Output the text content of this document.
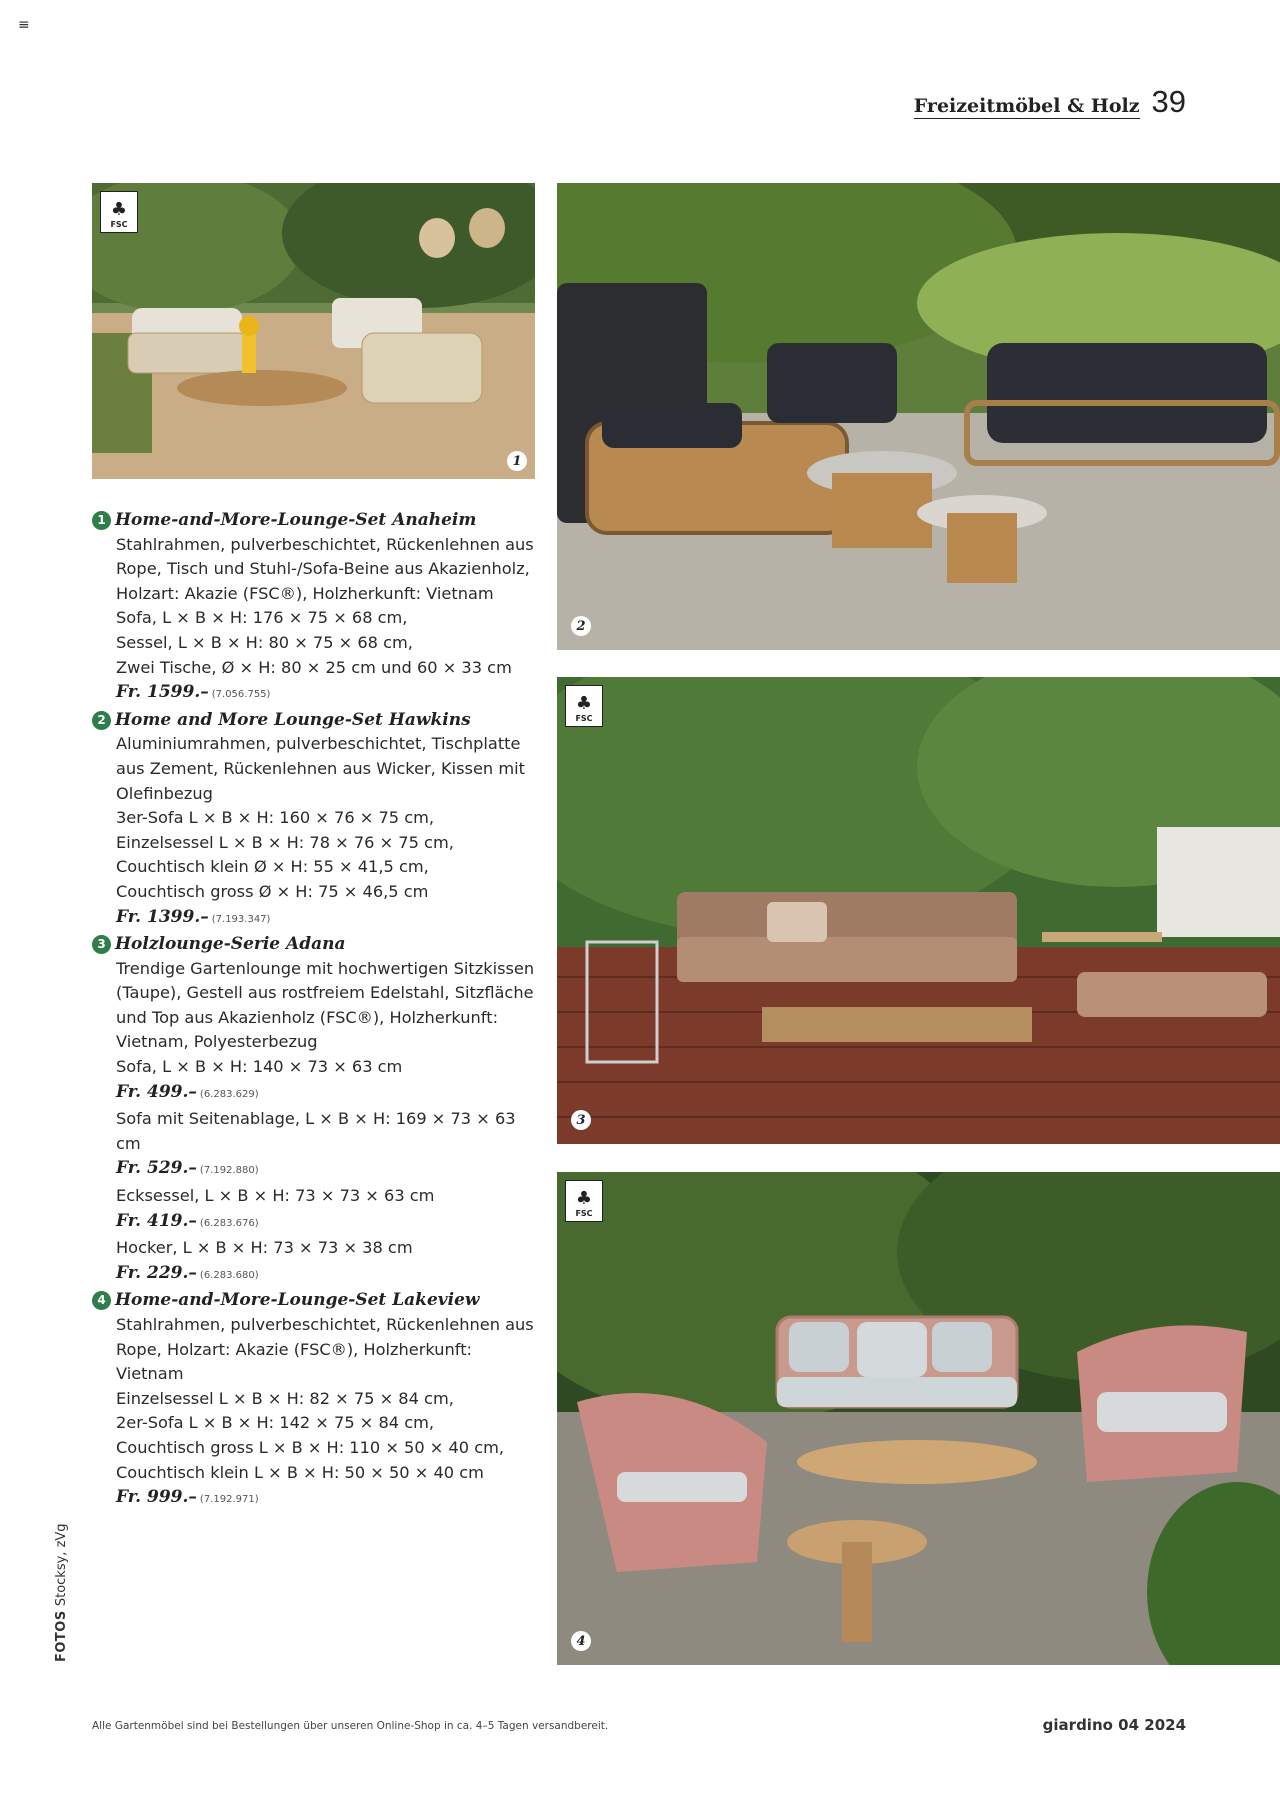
≡
Freizeitmöbel & Holz 39
♣
FSC
1
2
♣
FSC
3
♣
FSC
4
1 Home-and-More-Lounge-Set Anaheim
Stahlrahmen, pulverbeschichtet, Rückenlehnen aus Rope, Tisch und Stuhl-/Sofa-Beine aus Akazienholz, Holzart: Akazie (FSC®), Holzherkunft: Vietnam
Sofa, L × B × H: 176 × 75 × 68 cm,
Sessel, L × B × H: 80 × 75 × 68 cm,
Zwei Tische, Ø × H: 80 × 25 cm und 60 × 33 cm
Fr. 1599.– (7.056.755)
2 Home and More Lounge-Set Hawkins
Aluminiumrahmen, pulverbeschichtet, Tischplatte aus Zement, Rückenlehnen aus Wicker, Kissen mit Olefinbezug
3er-Sofa L × B × H: 160 × 76 × 75 cm,
Einzelsessel L × B × H: 78 × 76 × 75 cm,
Couchtisch klein Ø × H: 55 × 41,5 cm,
Couchtisch gross Ø × H: 75 × 46,5 cm
Fr. 1399.– (7.193.347)
3 Holzlounge-Serie Adana
Trendige Gartenlounge mit hochwertigen Sitzkissen (Taupe), Gestell aus rostfreiem Edelstahl, Sitzfläche und Top aus Akazienholz (FSC®), Holzherkunft: Vietnam, Polyesterbezug
Sofa, L × B × H: 140 × 73 × 63 cm
Fr. 499.– (6.283.629)
Sofa mit Seitenablage, L × B × H: 169 × 73 × 63 cm
Fr. 529.– (7.192.880)
Ecksessel, L × B × H: 73 × 73 × 63 cm
Fr. 419.– (6.283.676)
Hocker, L × B × H: 73 × 73 × 38 cm
Fr. 229.– (6.283.680)
4 Home-and-More-Lounge-Set Lakeview
Stahlrahmen, pulverbeschichtet, Rückenlehnen aus Rope, Holzart: Akazie (FSC®), Holzherkunft: Vietnam
Einzelsessel L × B × H: 82 × 75 × 84 cm,
2er-Sofa L × B × H: 142 × 75 × 84 cm,
Couchtisch gross L × B × H: 110 × 50 × 40 cm,
Couchtisch klein L × B × H: 50 × 50 × 40 cm
Fr. 999.– (7.192.971)
FOTOS Stocksy, zVg
Alle Gartenmöbel sind bei Bestellungen über unseren Online-Shop in ca. 4–5 Tagen versandbereit.	giardino 04 2024
